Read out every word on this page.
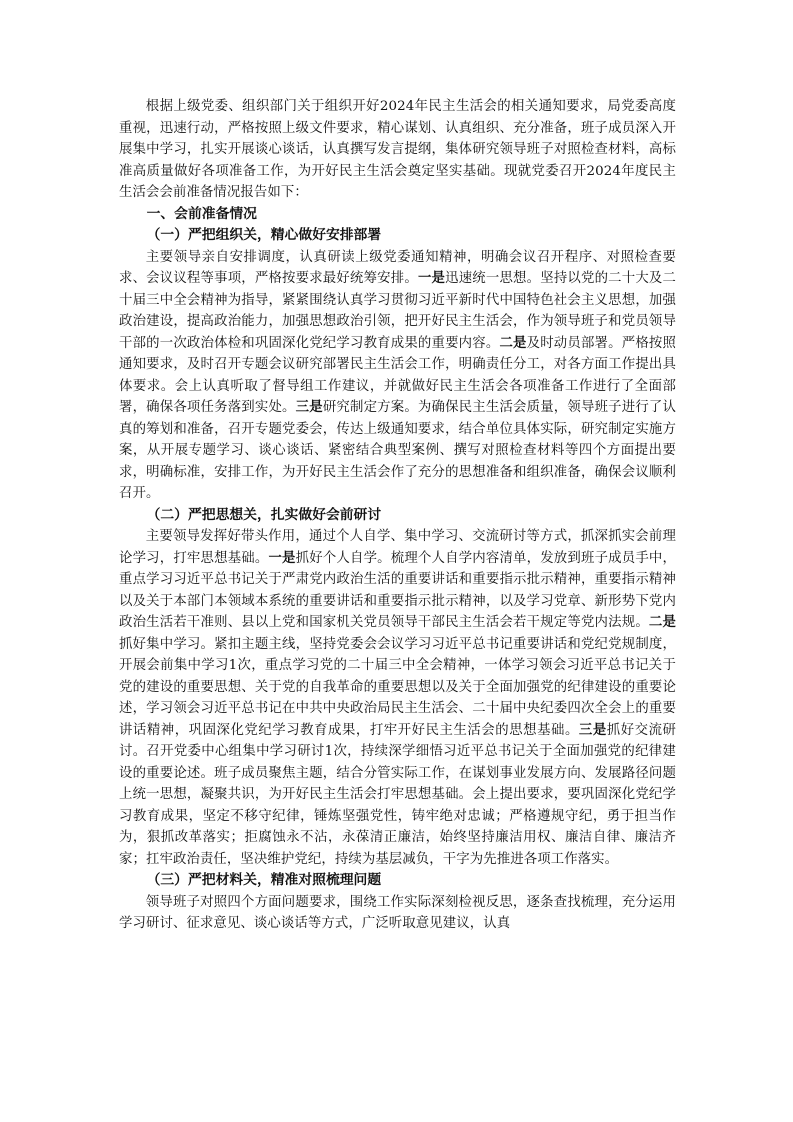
根据上级党委、组织部门关于组织开好2024年民主生活会的相关通知要求，局党委高度重视，迅速行动，严格按照上级文件要求，精心谋划、认真组织、充分准备，班子成员深入开展集中学习，扎实开展谈心谈话，认真撰写发言提纲，集体研究领导班子对照检查材料，高标准高质量做好各项准备工作，为开好民主生活会奠定坚实基础。现就党委召开2024年度民主生活会会前准备情况报告如下：

一、会前准备情况

（一）严把组织关，精心做好安排部署

主要领导亲自安排调度，认真研读上级党委通知精神，明确会议召开程序、对照检查要求、会议议程等事项，严格按要求最好统筹安排。一是迅速统一思想。坚持以党的二十大及二十届三中全会精神为指导，紧紧围绕认真学习贯彻习近平新时代中国特色社会主义思想，加强政治建设，提高政治能力，加强思想政治引领，把开好民主生活会，作为领导班子和党员领导干部的一次政治体检和巩固深化党纪学习教育成果的重要内容。二是及时动员部署。严格按照通知要求，及时召开专题会议研究部署民主生活会工作，明确责任分工，对各方面工作提出具体要求。会上认真听取了督导组工作建议，并就做好民主生活会各项准备工作进行了全面部署，确保各项任务落到实处。三是研究制定方案。为确保民主生活会质量，领导班子进行了认真的筹划和准备，召开专题党委会，传达上级通知要求，结合单位具体实际，研究制定实施方案，从开展专题学习、谈心谈话、紧密结合典型案例、撰写对照检查材料等四个方面提出要求，明确标准，安排工作，为开好民主生活会作了充分的思想准备和组织准备，确保会议顺利召开。

（二）严把思想关，扎实做好会前研讨

主要领导发挥好带头作用，通过个人自学、集中学习、交流研讨等方式，抓深抓实会前理论学习，打牢思想基础。一是抓好个人自学。梳理个人自学内容清单，发放到班子成员手中，重点学习习近平总书记关于严肃党内政治生活的重要讲话和重要指示批示精神，重要指示精神以及关于本部门本领域本系统的重要讲话和重要指示批示精神，以及学习党章、新形势下党内政治生活若干准则、县以上党和国家机关党员领导干部民主生活会若干规定等党内法规。二是抓好集中学习。紧扣主题主线，坚持党委会会议学习习近平总书记重要讲话和党纪党规制度，开展会前集中学习1次，重点学习党的二十届三中全会精神，一体学习领会习近平总书记关于党的建设的重要思想、关于党的自我革命的重要思想以及关于全面加强党的纪律建设的重要论述，学习领会习近平总书记在中共中央政治局民主生活会、二十届中央纪委四次全会上的重要讲话精神，巩固深化党纪学习教育成果，打牢开好民主生活会的思想基础。三是抓好交流研讨。召开党委中心组集中学习研讨1次，持续深学细悟习近平总书记关于全面加强党的纪律建设的重要论述。班子成员聚焦主题，结合分管实际工作，在谋划事业发展方向、发展路径问题上统一思想，凝聚共识，为开好民主生活会打牢思想基础。会上提出要求，要巩固深化党纪学习教育成果，坚定不移守纪律，锤炼坚强党性，铸牢绝对忠诚；严格遵规守纪，勇于担当作为，狠抓改革落实；拒腐蚀永不沾，永葆清正廉洁，始终坚持廉洁用权、廉洁自律、廉洁齐家；扛牢政治责任，坚决维护党纪，持续为基层减负，干字为先推进各项工作落实。

（三）严把材料关，精准对照梳理问题

领导班子对照四个方面问题要求，围绕工作实际深刻检视反思，逐条查找梳理，充分运用学习研讨、征求意见、谈心谈话等方式，广泛听取意见建议，认真
